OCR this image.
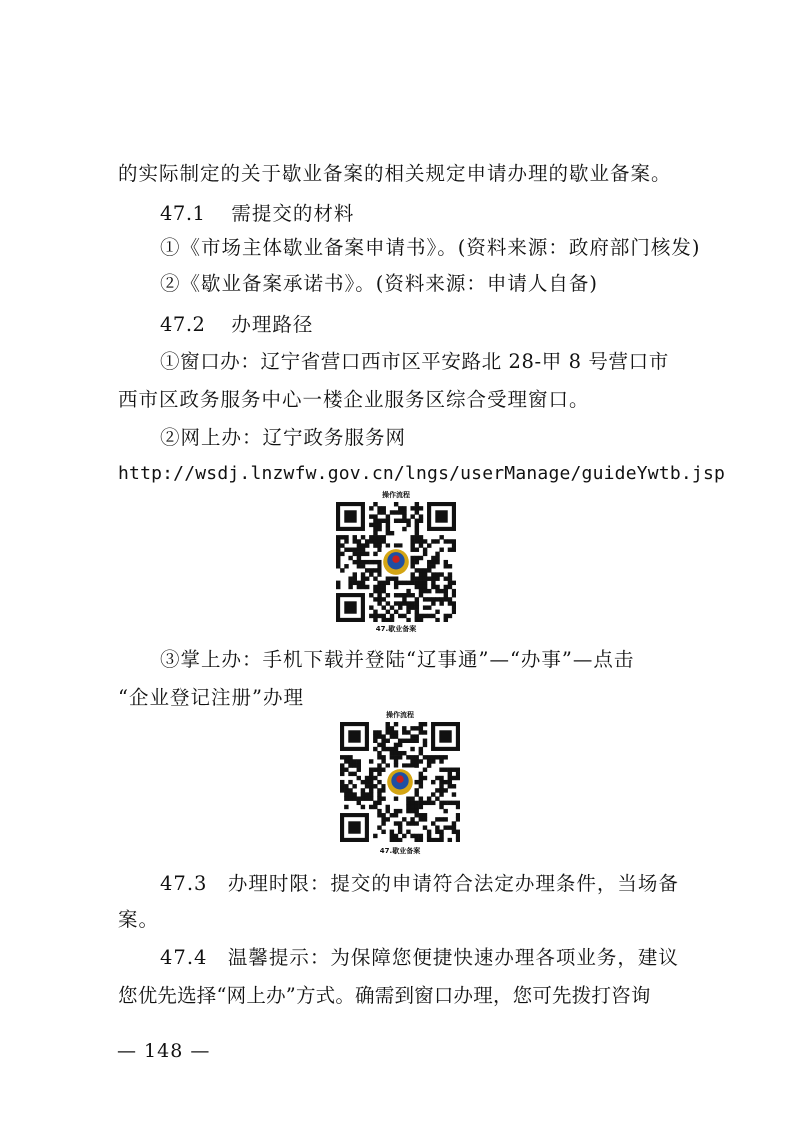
的实际制定的关于歇业备案的相关规定申请办理的歇业备案。
47.1 需提交的材料
①《市场主体歇业备案申请书》。(资料来源：政府部门核发)
②《歇业备案承诺书》。(资料来源：申请人自备)
47.2 办理路径
①窗口办：辽宁省营口西市区平安路北 28-甲 8 号营口市
西市区政务服务中心一楼企业服务区综合受理窗口。
②网上办：辽宁政务服务网
http://wsdj.lnzwfw.gov.cn/lngs/userManage/guideYwtb.jsp
操作流程
47.歇业备案
③掌上办：手机下载并登陆“辽事通”—“办事”—点击
“企业登记注册”办理
操作流程
47.歇业备案
47.3　办理时限：提交的申请符合法定办理条件，当场备
案。
47.4　温馨提示：为保障您便捷快速办理各项业务，建议
您优先选择“网上办”方式。确需到窗口办理，您可先拨打咨询
— 148 —
